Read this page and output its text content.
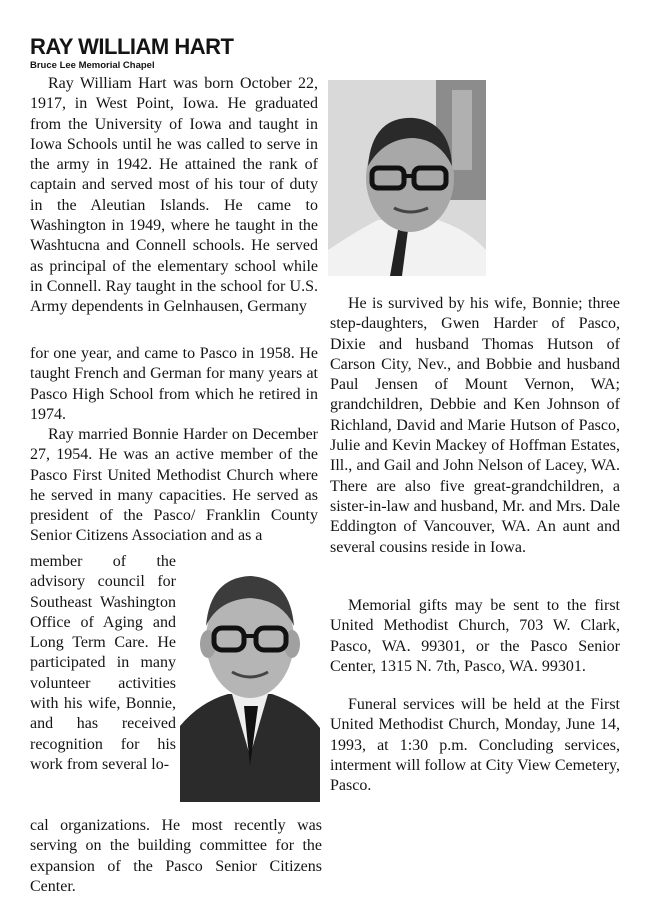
RAY WILLIAM HART
Bruce Lee Memorial Chapel

Ray William Hart was born October 22, 1917, in West Point, Iowa. He graduated from the University of Iowa and taught in Iowa Schools until he was called to serve in the army in 1942. He attained the rank of captain and served most of his tour of duty in the Aleutian Islands. He came to Washington in 1949, where he taught in the Washtucna and Connell schools. He served as principal of the elementary school while in Connell. Ray taught in the school for U.S. Army dependents in Gelnhausen, Germany

for one year, and came to Pasco in 1958. He taught French and German for many years at Pasco High School from which he retired in 1974.

Ray married Bonnie Harder on December 27, 1954. He was an active member of the Pasco First United Methodist Church where he served in many capacities. He served as president of the Pasco/ Franklin County Senior Citizens Association and as a

member of the advisory council for Southeast Washington Office of Aging and Long Term Care. He participated in many volunteer activities with his wife, Bonnie, and has received recognition for his work from several lo-

cal organizations. He most recently was serving on the building committee for the expansion of the Pasco Senior Citizens Center.

He is survived by his wife, Bonnie; three step-daughters, Gwen Harder of Pasco, Dixie and husband Thomas Hutson of Carson City, Nev., and Bobbie and husband Paul Jensen of Mount Vernon, WA; grandchildren, Debbie and Ken Johnson of Richland, David and Marie Hutson of Pasco, Julie and Kevin Mackey of Hoffman Estates, Ill., and Gail and John Nelson of Lacey, WA. There are also five great-grandchildren, a sister-in-law and husband, Mr. and Mrs. Dale Eddington of Vancouver, WA. An aunt and several cousins reside in Iowa.

Memorial gifts may be sent to the first United Methodist Church, 703 W. Clark, Pasco, WA. 99301, or the Pasco Senior Center, 1315 N. 7th, Pasco, WA. 99301.

Funeral services will be held at the First United Methodist Church, Monday, June 14, 1993, at 1:30 p.m. Concluding services, interment will follow at City View Cemetery, Pasco.
